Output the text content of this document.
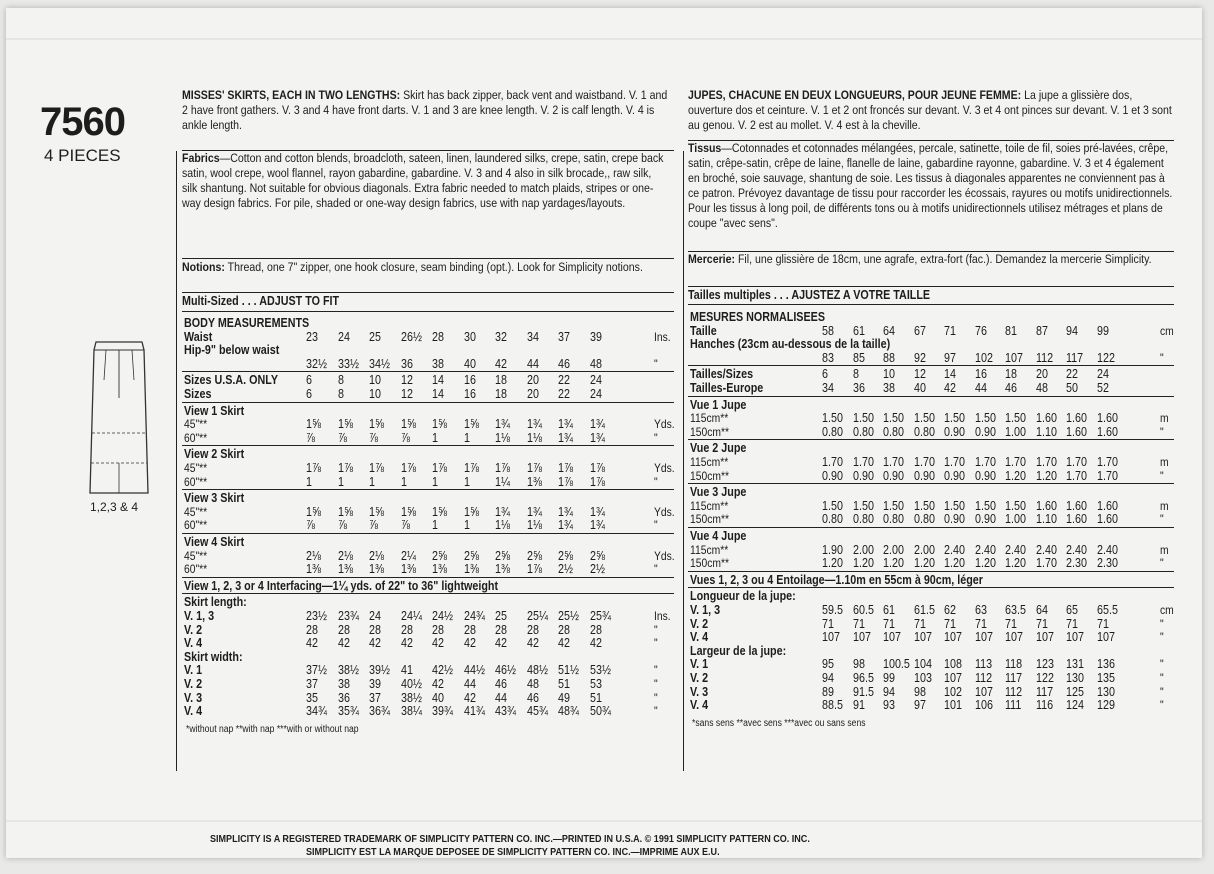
7560
4 PIECES
1,2,3 & 4
MISSES' SKIRTS, EACH IN TWO LENGTHS: Skirt has back zipper, back vent and waistband. V. 1 and 2 have front gathers. V. 3 and 4 have front darts. V. 1 and 3 are knee length. V. 2 is calf length. V. 4 is ankle length.
Fabrics—Cotton and cotton blends, broadcloth, sateen, linen, laundered silks, crepe, satin, crepe back satin, wool crepe, wool flannel, rayon gabardine, gabardine. V. 3 and 4 also in silk brocade,, raw silk, silk shantung. Not suitable for obvious diagonals. Extra fabric needed to match plaids, stripes or one-way design fabrics. For pile, shaded or one-way design fabrics, use with nap yardages/layouts.
Notions: Thread, one 7" zipper, one hook closure, seam binding (opt.). Look for Simplicity notions.
Multi-Sized . . . ADJUST TO FIT
BODY MEASUREMENTS
Waist	23 24 25 26½ 28 30 32 34 37 39	Ins.
Hip-9" below waist
32½ 33½ 34½ 36 38 40 42 44 46 48	"
Sizes U.S.A. ONLY 6 8 10 12 14 16 18 20 22 24
Sizes	6 8 10 12 14 16 18 20 22 24
View 1 Skirt
45"**	1⅝ 1⅝ 1⅝ 1⅝ 1⅝ 1⅝ 1¾ 1¾ 1¾ 1¾	Yds.
60"**	⅞ ⅞ ⅞ ⅞ 1 1 1⅛ 1⅛ 1¾ 1¾	"
View 2 Skirt
45"**	1⅞ 1⅞ 1⅞ 1⅞ 1⅞ 1⅞ 1⅞ 1⅞ 1⅞ 1⅞	Yds.
60"**	1 1 1 1 1 1 1¼ 1⅜ 1⅞ 1⅞	"
View 3 Skirt
45"**	1⅝ 1⅝ 1⅝ 1⅝ 1⅝ 1⅝ 1¾ 1¾ 1¾ 1¾	Yds.
60"**	⅞ ⅞ ⅞ ⅞ 1 1 1⅛ 1⅛ 1¾ 1¾	"
View 4 Skirt
45"**	2⅛ 2⅛ 2⅛ 2¼ 2⅝ 2⅝ 2⅝ 2⅝ 2⅝ 2⅝	Yds.
60"**	1⅜ 1⅜ 1⅜ 1⅜ 1⅜ 1⅜ 1⅜ 1⅞ 2½ 2½	"
View 1, 2, 3 or 4 Interfacing—1¼ yds. of 22" to 36" lightweight
Skirt length:
V. 1, 3	23½ 23¾ 24 24¼ 24½ 24¾ 25 25¼ 25½ 25¾	Ins.
V. 2	28 28 28 28 28 28 28 28 28 28	"
V. 4	42 42 42 42 42 42 42 42 42 42	"
Skirt width:
V. 1	37½ 38½ 39½ 41 42½ 44½ 46½ 48½ 51½ 53½	"
V. 2	37 38 39 40½ 42 44 46 48 51 53	"
V. 3	35 36 37 38½ 40 42 44 46 49 51	"
V. 4	34¾ 35¾ 36¾ 38¼ 39¾ 41¾ 43¾ 45¾ 48¾ 50¾	"
*without nap **with nap ***with or without nap
JUPES, CHACUNE EN DEUX LONGUEURS, POUR JEUNE FEMME: La jupe a glissière dos, ouverture dos et ceinture. V. 1 et 2 ont froncés sur devant. V. 3 et 4 ont pinces sur devant. V. 1 et 3 sont au genou. V. 2 est au mollet. V. 4 est à la cheville.
Tissus—Cotonnades et cotonnades mélangées, percale, satinette, toile de fil, soies pré-lavées, crêpe, satin, crêpe-satin, crêpe de laine, flanelle de laine, gabardine rayonne, gabardine. V. 3 et 4 également en broché, soie sauvage, shantung de soie. Les tissus à diagonales apparentes ne conviennent pas à ce patron. Prévoyez davantage de tissu pour raccorder les écossais, rayures ou motifs unidirectionnels. Pour les tissus à long poil, de différents tons ou à motifs unidirectionnels utilisez métrages et plans de coupe "avec sens".
Mercerie: Fil, une glissière de 18cm, une agrafe, extra-fort (fac.). Demandez la mercerie Simplicity.
Tailles multiples . . . AJUSTEZ A VOTRE TAILLE
MESURES NORMALISEES
Taille	58 61 64 67 71 76 81 87 94 99	cm
Hanches (23cm au-dessous de la taille)
83 85 88 92 97 102 107 112 117 122	"
Tailles/Sizes	6 8 10 12 14 16 18 20 22 24
Tailles-Europe	34 36 38 40 42 44 46 48 50 52
Vue 1 Jupe
115cm**	1.50 1.50 1.50 1.50 1.50 1.50 1.50 1.60 1.60 1.60	m
150cm**	0.80 0.80 0.80 0.80 0.90 0.90 1.00 1.10 1.60 1.60	"
Vue 2 Jupe
115cm**	1.70 1.70 1.70 1.70 1.70 1.70 1.70 1.70 1.70 1.70	m
150cm**	0.90 0.90 0.90 0.90 0.90 0.90 1.20 1.20 1.70 1.70	"
Vue 3 Jupe
115cm**	1.50 1.50 1.50 1.50 1.50 1.50 1.50 1.60 1.60 1.60	m
150cm**	0.80 0.80 0.80 0.80 0.90 0.90 1.00 1.10 1.60 1.60	"
Vue 4 Jupe
115cm**	1.90 2.00 2.00 2.00 2.40 2.40 2.40 2.40 2.40 2.40	m
150cm**	1.20 1.20 1.20 1.20 1.20 1.20 1.20 1.70 2.30 2.30	"
Vues 1, 2, 3 ou 4 Entoilage—1.10m en 55cm à 90cm, léger
Longueur de la jupe:
V. 1, 3	59.5 60.5 61 61.5 62 63 63.5 64 65 65.5	cm
V. 2	71 71 71 71 71 71 71 71 71 71	"
V. 4	107 107 107 107 107 107 107 107 107 107	"
Largeur de la jupe:
V. 1	95 98 100.5 104 108 113 118 123 131 136	"
V. 2	94 96.5 99 103 107 112 117 122 130 135	"
V. 3	89 91.5 94 98 102 107 112 117 125 130	"
V. 4	88.5 91 93 97 101 106 111 116 124 129	"
*sans sens **avec sens ***avec ou sans sens
SIMPLICITY IS A REGISTERED TRADEMARK OF SIMPLICITY PATTERN CO. INC.—PRINTED IN U.S.A. © 1991 SIMPLICITY PATTERN CO. INC.
SIMPLICITY EST LA MARQUE DEPOSEE DE SIMPLICITY PATTERN CO. INC.—IMPRIME AUX E.U.
